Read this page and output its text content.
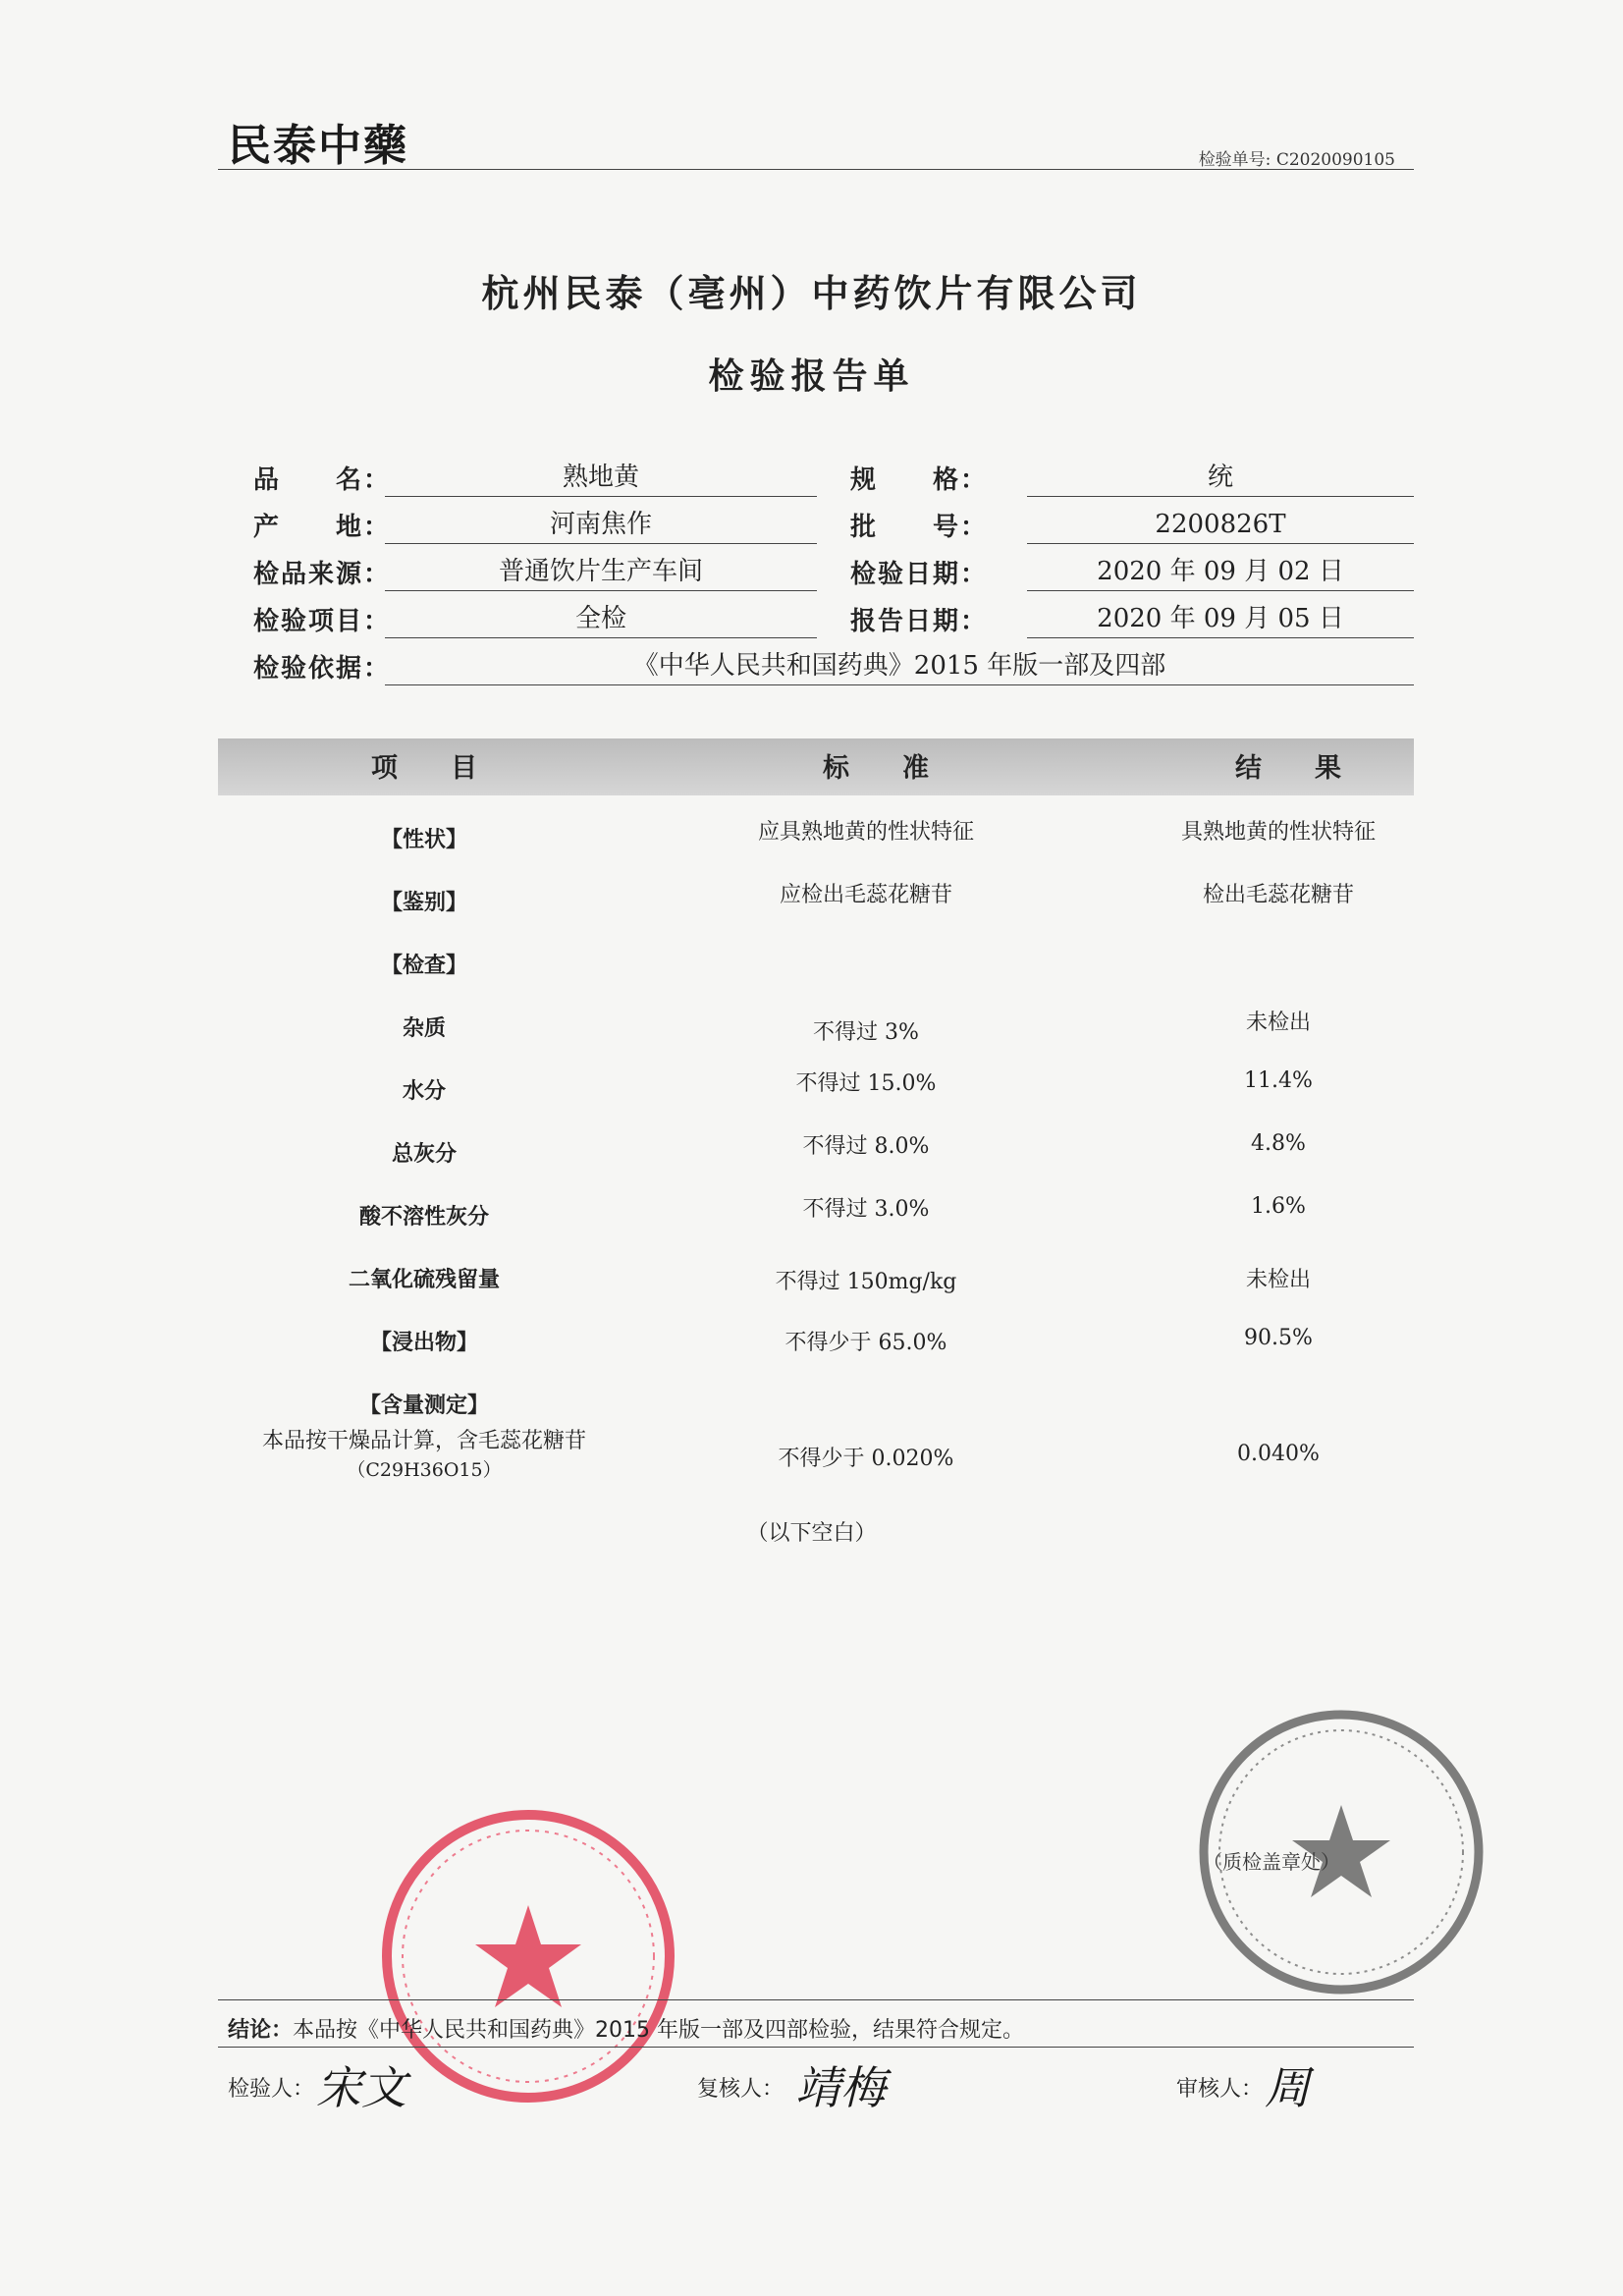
民泰中藥	检验单号: C2020090105
杭州民泰（亳州）中药饮片有限公司
检验报告单
品　　名：	熟地黄	规　　格：	统
产　　地：	河南焦作	批　　号：	2200826T
检品来源：	普通饮片生产车间	检验日期：	2020 年 09 月 02 日
检验项目：	全检	报告日期：	2020 年 09 月 05 日
检验依据：	《中华人民共和国药典》2015 年版一部及四部
项　　目	标　　准	结　　果
【性状】	应具熟地黄的性状特征	具熟地黄的性状特征
【鉴别】	应检出毛蕊花糖苷	检出毛蕊花糖苷
【检查】
杂质	不得过 3%	未检出
水分	不得过 15.0%	11.4%
总灰分	不得过 8.0%	4.8%
酸不溶性灰分	不得过 3.0%	1.6%
二氧化硫残留量	不得过 150mg/kg	未检出
【浸出物】	不得少于 65.0%	90.5%
【含量测定】
本品按干燥品计算，含毛蕊花糖苷
（C29H36O15）	不得少于 0.020%	0.040%
（以下空白）
（质检盖章处）
结论：本品按《中华人民共和国药典》2015 年版一部及四部检验，结果符合规定。
检验人： 宋文	复核人： 靖梅	审核人： 周
